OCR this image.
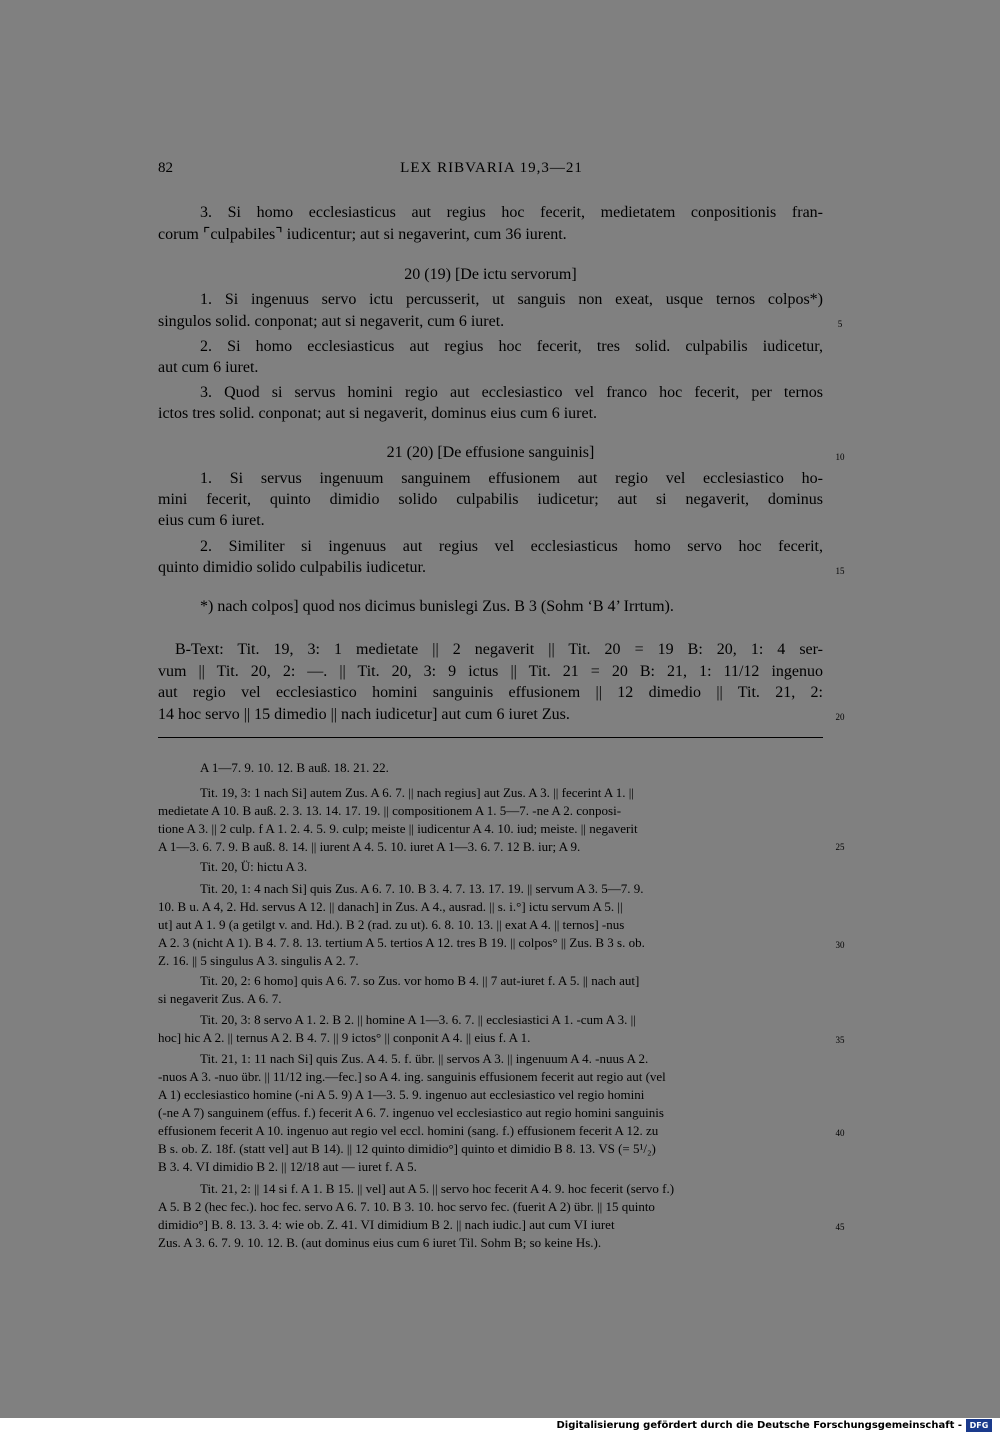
82	LEX RIBVARIA 19,3—21
3. Si homo ecclesiasticus aut regius hoc fecerit, medietatem conpositionis fran-
corum ⌜culpabiles⌝ iudicentur; aut si negaverint, cum 36 iurent.
20 (19) [De ictu servorum]
1. Si ingenuus servo ictu percusserit, ut sanguis non exeat, usque ternos colpos*)
singulos solid. conponat; aut si negaverit, cum 6 iuret.
2. Si homo ecclesiasticus aut regius hoc fecerit, tres solid. culpabilis iudicetur,
aut cum 6 iuret.
3. Quod si servus homini regio aut ecclesiastico vel franco hoc fecerit, per ternos
ictos tres solid. conponat; aut si negaverit, dominus eius cum 6 iuret.
21 (20) [De effusione sanguinis]
1. Si servus ingenuum sanguinem effusionem aut regio vel ecclesiastico ho-
mini fecerit, quinto dimidio solido culpabilis iudicetur; aut si negaverit, dominus
eius cum 6 iuret.
2. Similiter si ingenuus aut regius vel ecclesiasticus homo servo hoc fecerit,
quinto dimidio solido culpabilis iudicetur.
*) nach colpos] quod nos dicimus bunislegi Zus. B 3 (Sohm ‘B 4’ Irrtum).
B-Text: Tit. 19, 3: 1 medietate || 2 negaverit || Tit. 20 = 19 B: 20, 1: 4 ser-
vum || Tit. 20, 2: —. || Tit. 20, 3: 9 ictus || Tit. 21 = 20 B: 21, 1: 11/12 ingenuo
aut regio vel ecclesiastico homini sanguinis effusionem || 12 dimedio || Tit. 21, 2:
14 hoc servo || 15 dimedio || nach iudicetur] aut cum 6 iuret Zus.
A 1—7. 9. 10. 12. B auß. 18. 21. 22.
Tit. 19, 3: 1 nach Si] autem Zus. A 6. 7. || nach regius] aut Zus. A 3. || fecerint A 1. ||
medietate A 10. B auß. 2. 3. 13. 14. 17. 19. || compositionem A 1. 5—7. -ne A 2. conposi-
tione A 3. || 2 culp. f A 1. 2. 4. 5. 9. culp; meiste || iudicentur A 4. 10. iud; meiste. || negaverit
A 1—3. 6. 7. 9. B auß. 8. 14. || iurent A 4. 5. 10. iuret A 1—3. 6. 7. 12 B. iur; A 9.
Tit. 20, Ü: hictu A 3.
Tit. 20, 1: 4 nach Si] quis Zus. A 6. 7. 10. B 3. 4. 7. 13. 17. 19. || servum A 3. 5—7. 9.
10. B u. A 4, 2. Hd. servus A 12. || danach] in Zus. A 4., ausrad. || s. i.°] ictu servum A 5. ||
ut] aut A 1. 9 (a getilgt v. and. Hd.). B 2 (rad. zu ut). 6. 8. 10. 13. || exat A 4. || ternos] -nus
A 2. 3 (nicht A 1). B 4. 7. 8. 13. tertium A 5. tertios A 12. tres B 19. || colpos° || Zus. B 3 s. ob.
Z. 16. || 5 singulus A 3. singulis A 2. 7.
Tit. 20, 2: 6 homo] quis A 6. 7. so Zus. vor homo B 4. || 7 aut-iuret f. A 5. || nach aut]
si negaverit Zus. A 6. 7.
Tit. 20, 3: 8 servo A 1. 2. B 2. || homine A 1—3. 6. 7. || ecclesiastici A 1. -cum A 3. ||
hoc] hic A 2. || ternus A 2. B 4. 7. || 9 ictos° || conponit A 4. || eius f. A 1.
Tit. 21, 1: 11 nach Si] quis Zus. A 4. 5. f. übr. || servos A 3. || ingenuum A 4. -nuus A 2.
-nuos A 3. -nuo übr. || 11/12 ing.—fec.] so A 4. ing. sanguinis effusionem fecerit aut regio aut (vel
A 1) ecclesiastico homine (-ni A 5. 9) A 1—3. 5. 9. ingenuo aut ecclesiastico vel regio homini
(-ne A 7) sanguinem (effus. f.) fecerit A 6. 7. ingenuo vel ecclesiastico aut regio homini sanguinis
effusionem fecerit A 10. ingenuo aut regio vel eccl. homini (sang. f.) effusionem fecerit A 12. zu
B s. ob. Z. 18f. (statt vel] aut B 14). || 12 quinto dimidio°] quinto et dimidio B 8. 13. VS (= 5¹/₂)
B 3. 4. VI dimidio B 2. || 12/18 aut — iuret f. A 5.
Tit. 21, 2: || 14 si f. A 1. B 15. || vel] aut A 5. || servo hoc fecerit A 4. 9. hoc fecerit (servo f.)
A 5. B 2 (hec fec.). hoc fec. servo A 6. 7. 10. B 3. 10. hoc servo fec. (fuerit A 2) übr. || 15 quinto
dimidio°] B. 8. 13. 3. 4: wie ob. Z. 41. VI dimidium B 2. || nach iudic.] aut cum VI iuret
Zus. A 3. 6. 7. 9. 10. 12. B. (aut dominus eius cum 6 iuret Til. Sohm B; so keine Hs.).
5
10
15
20
25
30
35
40
45
Digitalisierung gefördert durch die Deutsche Forschungsgemeinschaft - DFG
